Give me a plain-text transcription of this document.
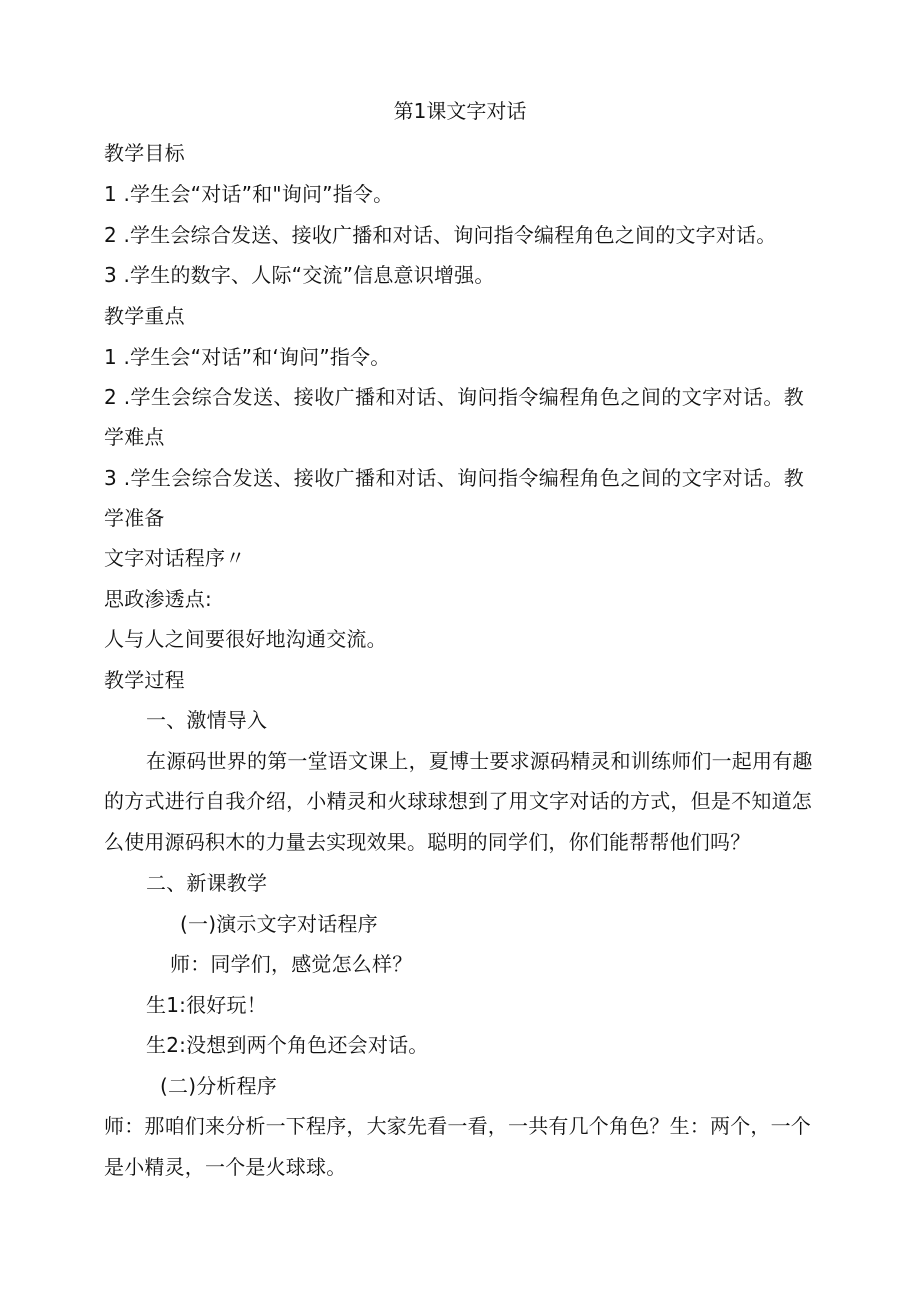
第1课文字对话
教学目标
1 .学生会“对话”和"询问”指令。
2 .学生会综合发送、接收广播和对话、询问指令编程角色之间的文字对话。
3 .学生的数字、人际“交流”信息意识增强。
教学重点
1 .学生会“对话”和‘询问”指令。
2 .学生会综合发送、接收广播和对话、询问指令编程角色之间的文字对话。教
学难点
3 .学生会综合发送、接收广播和对话、询问指令编程角色之间的文字对话。教
学准备
文字对话程序〃
思政渗透点:
人与人之间要很好地沟通交流。
教学过程
一、激情导入
在源码世界的第一堂语文课上，夏博士要求源码精灵和训练师们一起用有趣
的方式进行自我介绍，小精灵和火球球想到了用文字对话的方式，但是不知道怎
么使用源码积木的力量去实现效果。聪明的同学们，你们能帮帮他们吗？
二、新课教学
(一)演示文字对话程序
师：同学们，感觉怎么样？
生1:很好玩！
生2:没想到两个角色还会对话。
(二)分析程序
师：那咱们来分析一下程序，大家先看一看，一共有几个角色？生：两个，一个
是小精灵，一个是火球球。
